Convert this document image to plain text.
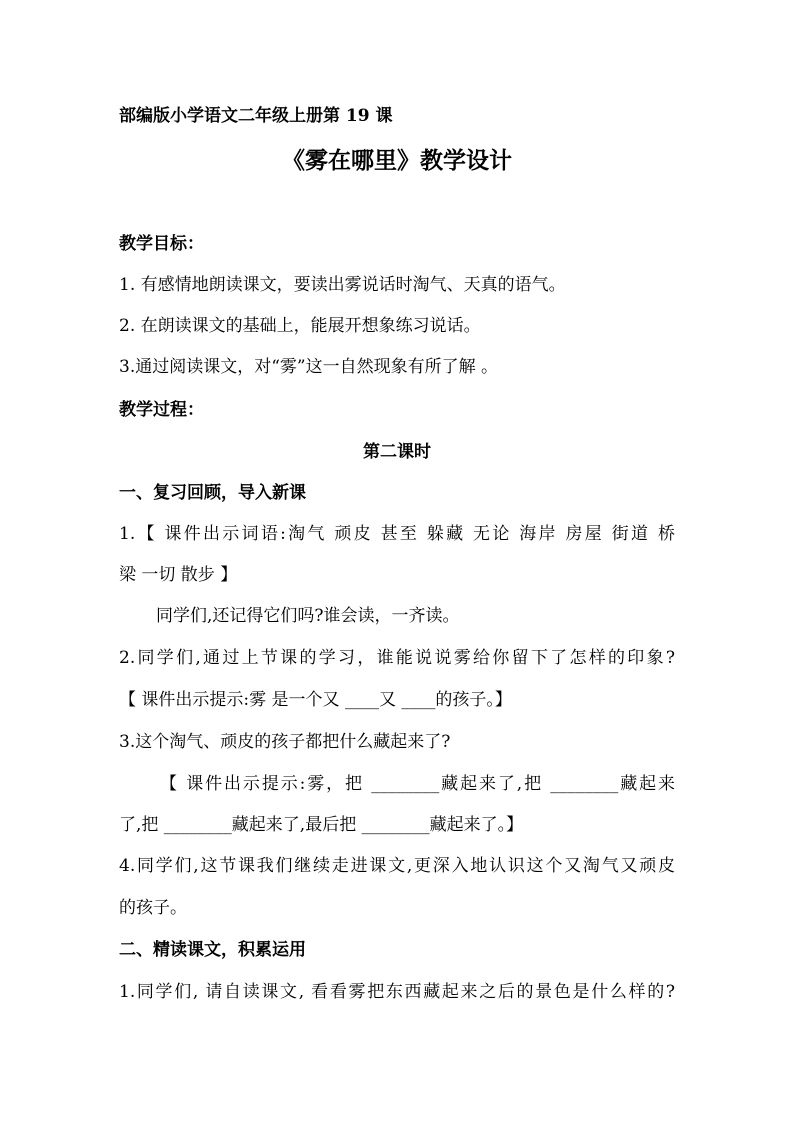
部编版小学语文二年级上册第 19 课
《雾在哪里》教学设计
教学目标：
1. 有感情地朗读课文，要读出雾说话时淘气、天真的语气。
2. 在朗读课文的基础上，能展开想象练习说话。
3.通过阅读课文，对“雾”这一自然现象有所了解 。
教学过程：
第二课时
一、复习回顾，导入新课
1.【 课件出示词语:淘气 顽皮 甚至 躲藏 无论 海岸 房屋 街道 桥
梁 一切 散步 】
同学们,还记得它们吗?谁会读，一齐读。
2.同学们,通过上节课的学习，谁能说说雾给你留下了怎样的印象?
【 课件出示提示:雾 是一个又 ____又 ____的孩子。】
3.这个淘气、顽皮的孩子都把什么藏起来了?
【 课件出示提示:雾，把 ________藏起来了,把 ________藏起来
了,把 ________藏起来了,最后把 ________藏起来了。】
4.同学们,这节课我们继续走进课文,更深入地认识这个又淘气又顽皮
的孩子。
二、精读课文，积累运用
1.同学们, 请自读课文, 看看雾把东西藏起来之后的景色是什么样的?
